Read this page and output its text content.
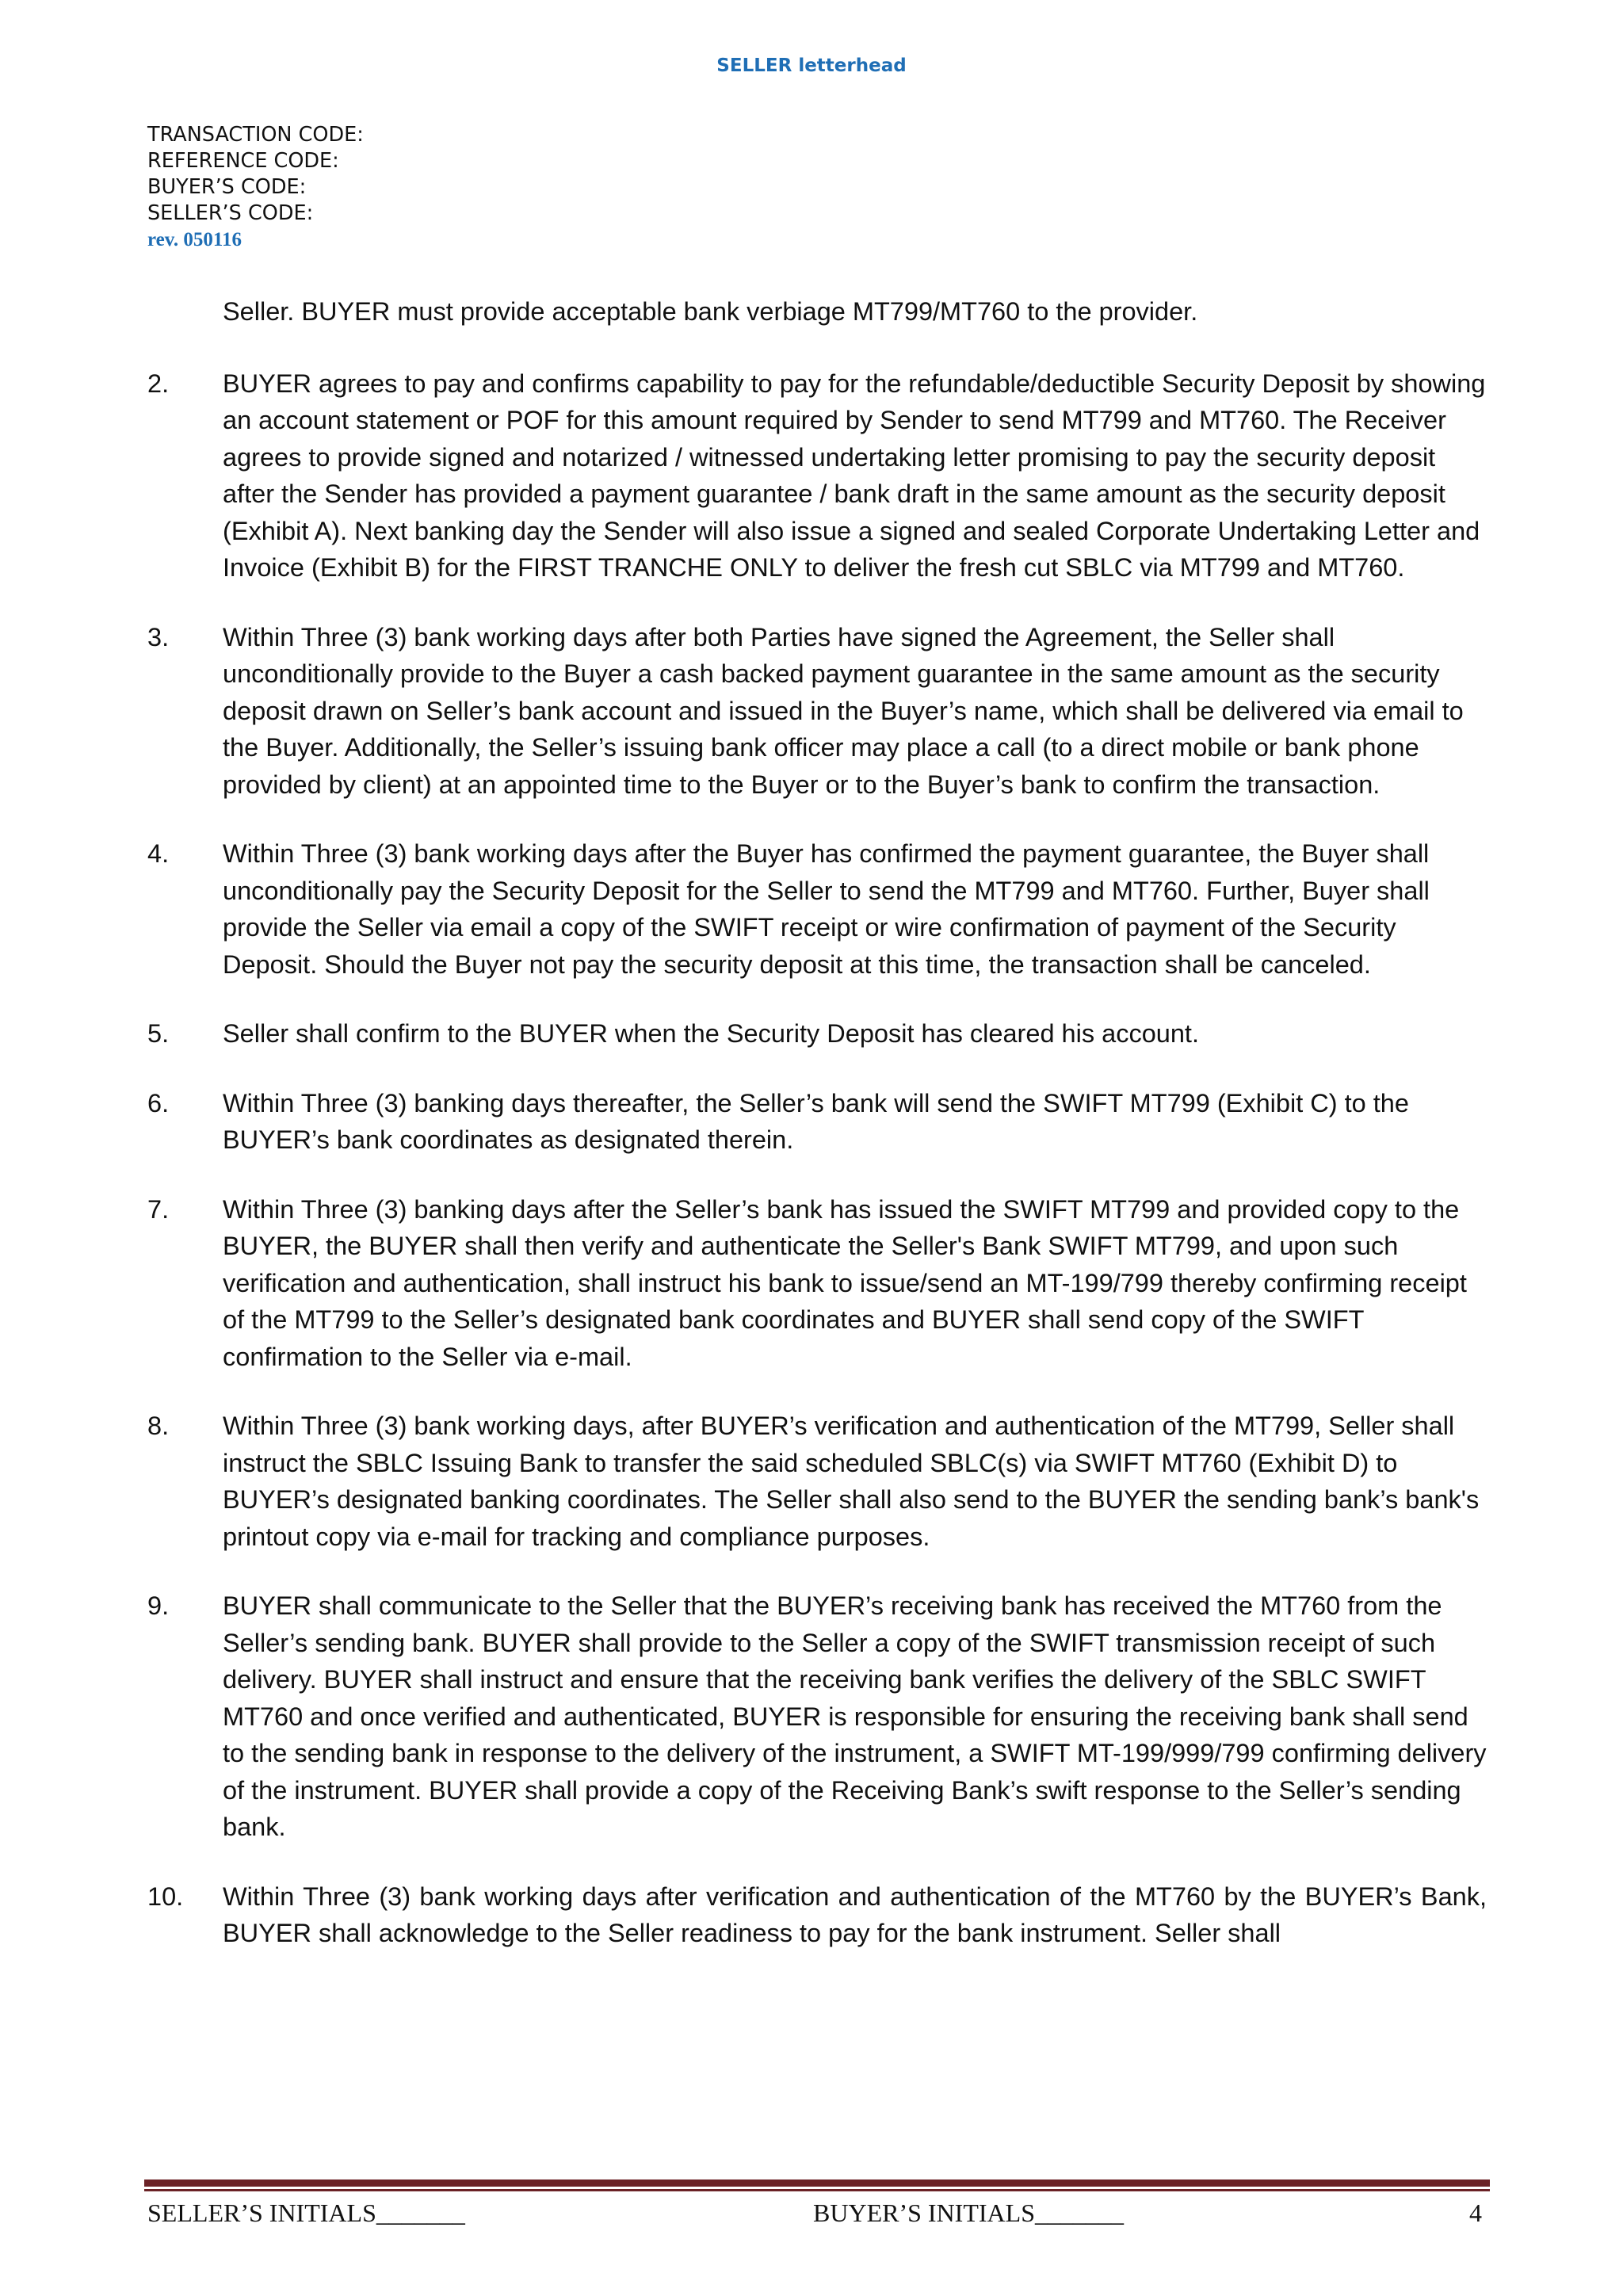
SELLER letterhead
TRANSACTION CODE:
REFERENCE CODE:
BUYER’S CODE:
SELLER’S CODE:
rev. 050116
Seller. BUYER must provide acceptable bank verbiage MT799/MT760 to the provider.
2. BUYER agrees to pay and confirms capability to pay for the refundable/deductible Security Deposit by showing an account statement or POF for this amount required by Sender to send MT799 and MT760. The Receiver agrees to provide signed and notarized / witnessed undertaking letter promising to pay the security deposit after the Sender has provided a payment guarantee / bank draft in the same amount as the security deposit (Exhibit A). Next banking day the Sender will also issue a signed and sealed Corporate Undertaking Letter and Invoice (Exhibit B) for the FIRST TRANCHE ONLY to deliver the fresh cut SBLC via MT799 and MT760.
3. Within Three (3) bank working days after both Parties have signed the Agreement, the Seller shall unconditionally provide to the Buyer a cash backed payment guarantee in the same amount as the security deposit drawn on Seller’s bank account and issued in the Buyer’s name, which shall be delivered via email to the Buyer. Additionally, the Seller’s issuing bank officer may place a call (to a direct mobile or bank phone provided by client) at an appointed time to the Buyer or to the Buyer’s bank to confirm the transaction.
4. Within Three (3) bank working days after the Buyer has confirmed the payment guarantee, the Buyer shall unconditionally pay the Security Deposit for the Seller to send the MT799 and MT760. Further, Buyer shall provide the Seller via email a copy of the SWIFT receipt or wire confirmation of payment of the Security Deposit. Should the Buyer not pay the security deposit at this time, the transaction shall be canceled.
5. Seller shall confirm to the BUYER when the Security Deposit has cleared his account.
6. Within Three (3) banking days thereafter, the Seller’s bank will send the SWIFT MT799 (Exhibit C) to the BUYER’s bank coordinates as designated therein.
7. Within Three (3) banking days after the Seller’s bank has issued the SWIFT MT799 and provided copy to the BUYER, the BUYER shall then verify and authenticate the Seller's Bank SWIFT MT799, and upon such verification and authentication, shall instruct his bank to issue/send an MT-199/799 thereby confirming receipt of the MT799 to the Seller’s designated bank coordinates and BUYER shall send copy of the SWIFT confirmation to the Seller via e-mail.
8. Within Three (3) bank working days, after BUYER’s verification and authentication of the MT799, Seller shall instruct the SBLC Issuing Bank to transfer the said scheduled SBLC(s) via SWIFT MT760 (Exhibit D) to BUYER’s designated banking coordinates. The Seller shall also send to the BUYER the sending bank’s bank's printout copy via e-mail for tracking and compliance purposes.
9. BUYER shall communicate to the Seller that the BUYER’s receiving bank has received the MT760 from the Seller’s sending bank. BUYER shall provide to the Seller a copy of the SWIFT transmission receipt of such delivery. BUYER shall instruct and ensure that the receiving bank verifies the delivery of the SBLC SWIFT MT760 and once verified and authenticated, BUYER is responsible for ensuring the receiving bank shall send to the sending bank in response to the delivery of the instrument, a SWIFT MT-199/999/799 confirming delivery of the instrument. BUYER shall provide a copy of the Receiving Bank’s swift response to the Seller’s sending bank.
10. Within Three (3) bank working days after verification and authentication of the MT760 by the BUYER’s Bank, BUYER shall acknowledge to the Seller readiness to pay for the bank instrument. Seller shall
SELLER’S INITIALS_______	BUYER’S INITIALS_______	4
